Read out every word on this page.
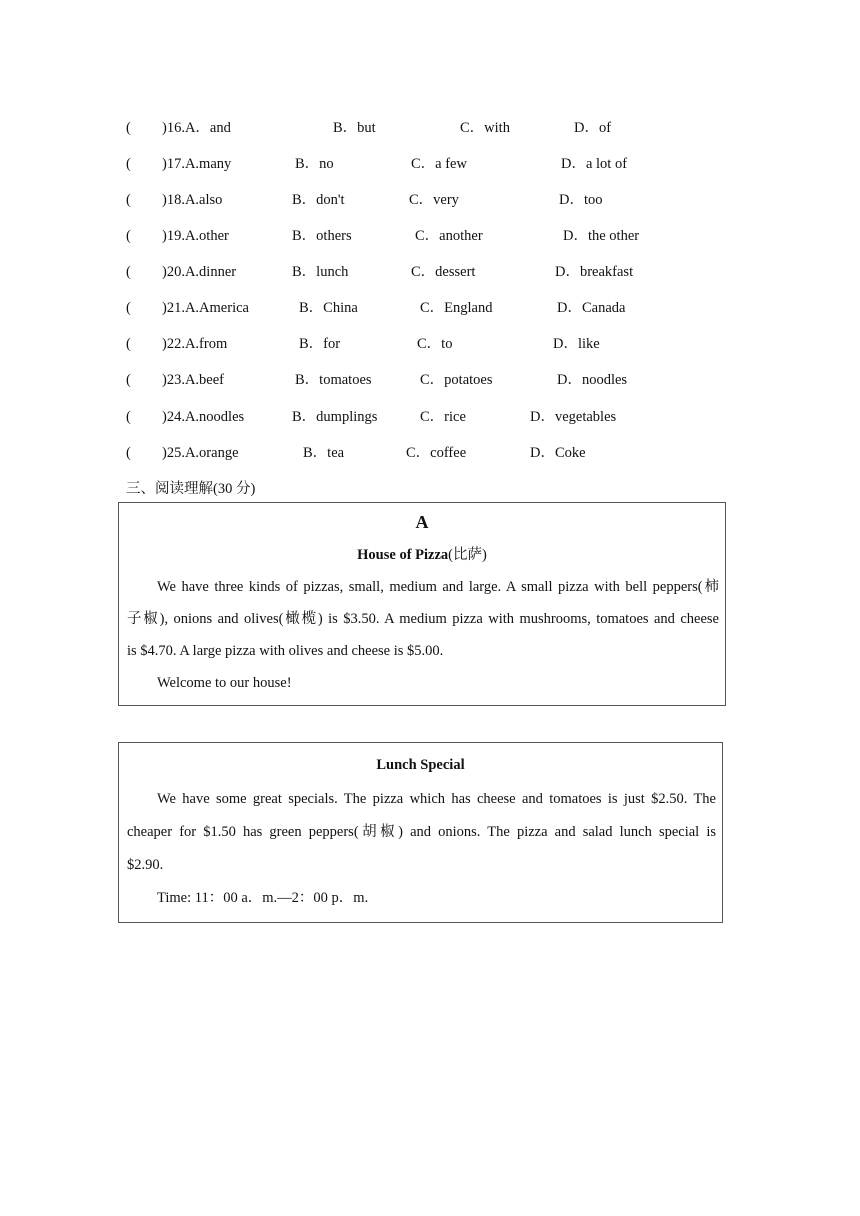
( )16.A．and	B．but	C．with	D．of
( )17.A.many	B．no	C．a few	D．a lot of
( )18.A.also	B．don't	C．very	D．too
( )19.A.other	B．others	C．another	D．the other
( )20.A.dinner	B．lunch	C．dessert	D．breakfast
( )21.A.America	B．China	C．England	D．Canada
( )22.A.from	B．for	C．to	D．like
( )23.A.beef	B．tomatoes	C．potatoes	D．noodles
( )24.A.noodles	B．dumplings	C．rice	D．vegetables
( )25.A.orange	B．tea	C．coffee	D．Coke
三、阅读理解(30 分)
A
House of Pizza(比萨)
We have three kinds of pizzas, small, medium and large. A small pizza with bell peppers(柿
子椒), onions and olives(橄榄) is $3.50. A medium pizza with mushrooms, tomatoes and cheese
is $4.70. A large pizza with olives and cheese is $5.00.
Welcome to our house!
Lunch Special
We have some great specials. The pizza which has cheese and tomatoes is just $2.50. The
cheaper for $1.50 has green peppers(胡椒) and onions. The pizza and salad lunch special is
$2.90.
Time: 11：00 a．m.—2：00 p．m.
